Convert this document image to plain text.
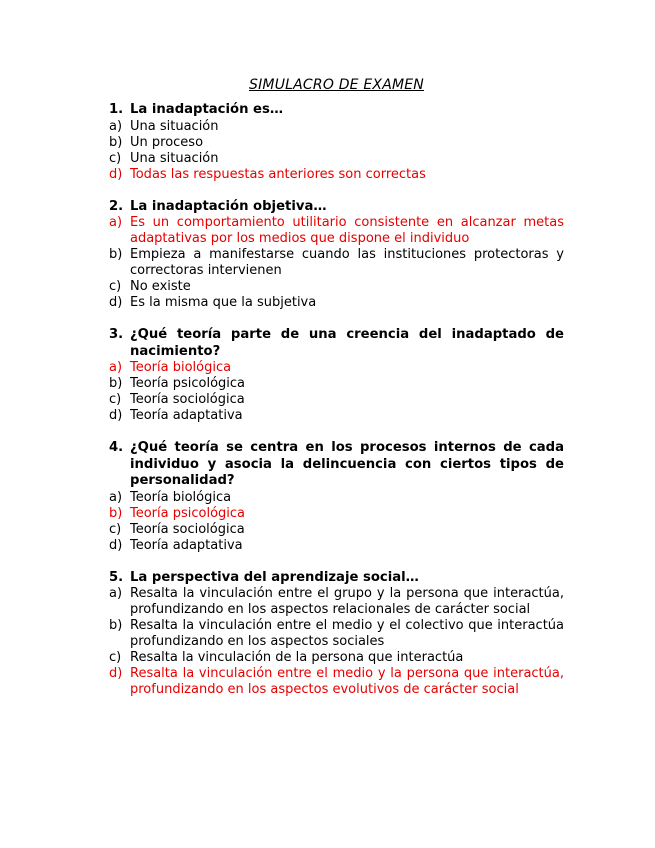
SIMULACRO DE EXAMEN
1. La inadaptación es…
a) Una situación
b) Un proceso
c) Una situación
d) Todas las respuestas anteriores son correctas
2. La inadaptación objetiva…
a) Es un comportamiento utilitario consistente en alcanzar metas adaptativas por los medios que dispone el individuo
b) Empieza a manifestarse cuando las instituciones protectoras y correctoras intervienen
c) No existe
d) Es la misma que la subjetiva
3. ¿Qué teoría parte de una creencia del inadaptado de nacimiento?
a) Teoría biológica
b) Teoría psicológica
c) Teoría sociológica
d) Teoría adaptativa
4. ¿Qué teoría se centra en los procesos internos de cada individuo y asocia la delincuencia con ciertos tipos de personalidad?
a) Teoría biológica
b) Teoría psicológica
c) Teoría sociológica
d) Teoría adaptativa
5. La perspectiva del aprendizaje social…
a) Resalta la vinculación entre el grupo y la persona que interactúa, profundizando en los aspectos relacionales de carácter social
b) Resalta la vinculación entre el medio y el colectivo que interactúa profundizando en los aspectos sociales
c) Resalta la vinculación de la persona que interactúa
d) Resalta la vinculación entre el medio y la persona que interactúa, profundizando en los aspectos evolutivos de carácter social
